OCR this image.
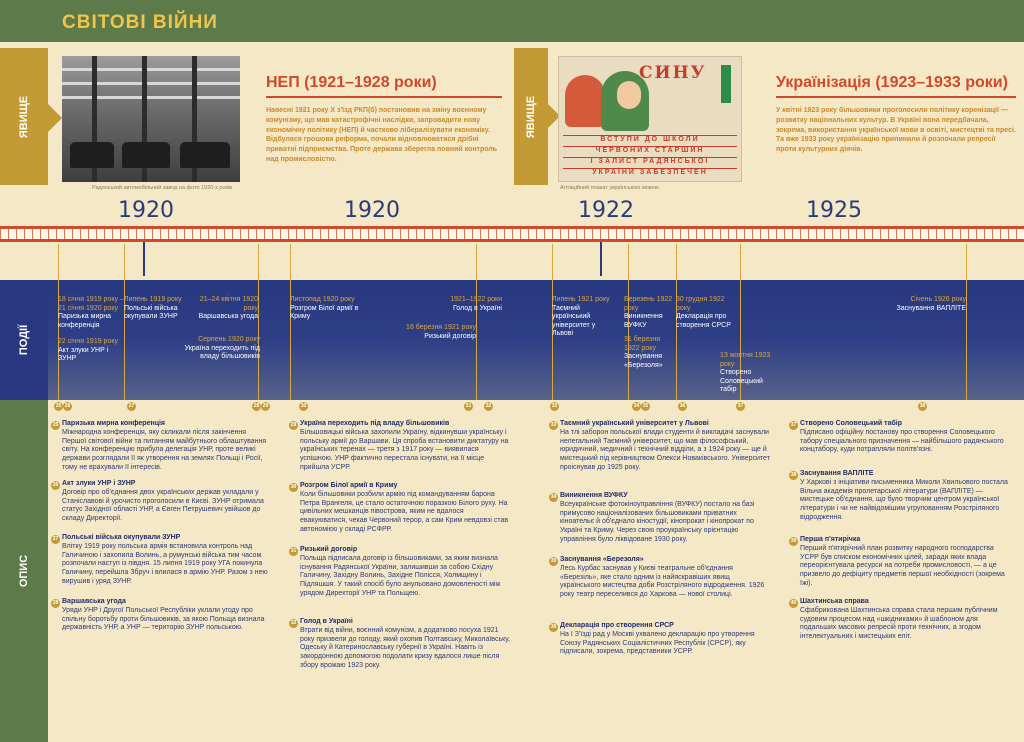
СВІТОВІ ВІЙНИ
ЯВИЩЕ
Радянський автомобільний завод на фото 1920-х років
НЕП (1921–1928 роки)
Навесні 1921 року X з'їзд РКП(б) постановив на зміну воєнному комунізму, що мав катастрофічні наслідки, запровадити нову економічну політику (НЕП) й частково лібералізувати економіку. Відбулася грошова реформа, почали відновлюватися дрібні приватні підприємства. Проте держава зберегла повний контроль над промисловістю.
ЯВИЩЕ
СИНУ
ВСТУПИ ДО ШКОЛИ
ЧЕРВОНИХ СТАРШИН
І ЗАЛИСТ РАДЯНСЬКОЇ
УКРАЇНИ ЗАБЕЗПЕЧЕН
Агітаційний плакат українською мовою
Українізація (1923–1933 роки)
У квітні 1923 року більшовики проголосили політику коренізації — розвитку національних культур. В Україні вона передбачала, зокрема, використання української мови в освіті, мистецтві та пресі. Та вже 1933 року українізацію припинили й розпочали репресії проти культурних діячів.
1920	1920	1922	1925
ПОДІЇ
18 січня 1919 року – 21 січня 1920 року
Паризька мирна конференція
22 січня 1919 року
Акт злуки УНР і ЗУНР
Липень 1919 року
Польські війська окупували ЗУНР
21–24 квітня 1920 року
Варшавська угода
Серпень 1920 року
Україна переходить під владу більшовиків
Листопад 1920 року
Розгром Білої армії в Криму
1921–1922 роки
Голод в Україні
18 березня 1921 року
Ризький договір
Липень 1921 року
Таємний український університет у Львові
Березень 1922 року
Виникнення ВУФКУ
31 березня 1922 року
Заснування «Березоля»
30 грудня 1922 року
Декларація про створення СРСР
13 жовтня 1923 року
Створено Соловецький табір
Січень 1926 року
Заснування ВАПЛІТЕ
ОПИС
25 26	27	28 29	30	31	32	33	34 35	36	37	38
25 Паризька мирна конференція
Міжнародна конференція, яку скликали після закінчення Першої світової війни та питанням майбутнього облаштування світу. На конференцію прибула делегація УНР, проте великі держави розглядали її як утворення на землях Польщі і Росії, тому не врахували її інтересів.
26 Акт злуки УНР і ЗУНР
Договір про об'єднання двох українських держав укладали у Станіславові й урочисто проголосили в Києві. ЗУНР отримала статус Західної області УНР, а Євген Петрушевич увійшов до складу Директорії.
27 Польські війська окупували ЗУНР
Влітку 1919 року польська армія встановила контроль над Галичиною і захопила Волинь, а румунські війська тим часом розпочали наступ із півдня. 15 липня 1919 року УГА покинула Галичину, перейшла Збруч і влилася в армію УНР. Разом з нею вирушив і уряд ЗУНР.
28 Варшавська угода
Уряди УНР і Другої Польської Республіки уклали угоду про спільну боротьбу проти більшовиків, за якою Польща визнала державність УНР, а УНР — територію ЗУНР польською.
29 Україна переходить під владу більшовиків
Більшовицькі війська захопили Україну, відкинувши українську і польську армії до Варшави. Ця спроба встановити диктатуру на українських теренах — третя з 1917 року — виявилася успішною. УНР фактично перестала існувати, на її місце прийшла УСРР.
30 Розгром Білої армії в Криму
Коли більшовики розбили армію під командуванням барона Петра Врангеля, це стало остаточною поразкою Білого руху. На цивільних мешканців півострова, яким не вдалося евакуюватися, чекав Червоний терор, а сам Крим невдовзі став автономією у складі РСФРР.
31 Ризький договір
Польща підписала договір із більшовиками, за яким визнала існування Радянської України, залишивши за собою Східну Галичину, Західну Волинь, Західне Полісся, Холмщину і Підляшшя. У такий спосіб було анульовано домовленості між урядом Директорії УНР та Польщею.
32 Голод в Україні
Втрати від війни, воєнний комунізм, а додатково посуха 1921 року призвели до голоду, який охопив Полтавську, Миколаївську, Одеську й Катеринославську губернії в Україні. Навіть із закордонною допомогою подолати кризу вдалося лише після збору врожаю 1923 року.
33 Таємний український університет у Львові
На тлі заборон польської влади студенти й викладачі заснували нелегальний Таємний університет, що мав філософський, юридичний, медичний і технічний відділи, а з 1924 року — ще й мистецький під керівництвом Олекси Новаківського. Університет проіснував до 1925 року.
34 Виникнення ВУФКУ
Всеукраїнське фотокіноуправління (ВУФКУ) постало на базі примусово націоналізованих більшовиками приватних кіноательє й об'єднало кіностудії, кінопрокат і кінопрокат по Україні та Криму. Через свою проукраїнську орієнтацію управління було ліквідоване 1930 року.
35 Заснування «Березоля»
Лесь Курбас заснував у Києві театральне об'єднання «Березіль», яке стало одним із найяскравіших явищ українського мистецтва доби Розстріляного відродження. 1926 року театр переселився до Харкова — нової столиці.
36 Декларація про створення СРСР
На І З'їзді рад у Москві ухвалено декларацію про утворення Союзу Радянських Соціалістичних Республік (СРСР), яку підписали, зокрема, представники УСРР.
37 Створено Соловецький табір
Підписано офіційну постанову про створення Соловецького табору спеціального призначення — найбільшого радянського концтабору, куди потрапляли політв'язні.
38 Заснування ВАПЛІТЕ
У Харкові з ініціативи письменника Миколи Хвильового постала Вільна академія пролетарської літератури (ВАПЛІТЕ) — мистецьке об'єднання, що було творчим центром української літератури і чи не найвідомішим угрупованням Розстріляного відродження.
39 Перша п'ятирічка
Перший п'ятирічний план розвитку народного господарства УСРР був списком економічних цілей, заради яких влада переорієнтувала ресурси на потреби промисловості, — а це призвело до дефіциту предметів першої необхідності (зокрема їжі).
40 Шахтинська справа
Сфабрикована Шахтинська справа стала першим публічним судовим процесом над «шкідниками» й шаблоном для подальших масових репресій проти технічних, а згодом інтелектуальних і мистецьких еліт.
